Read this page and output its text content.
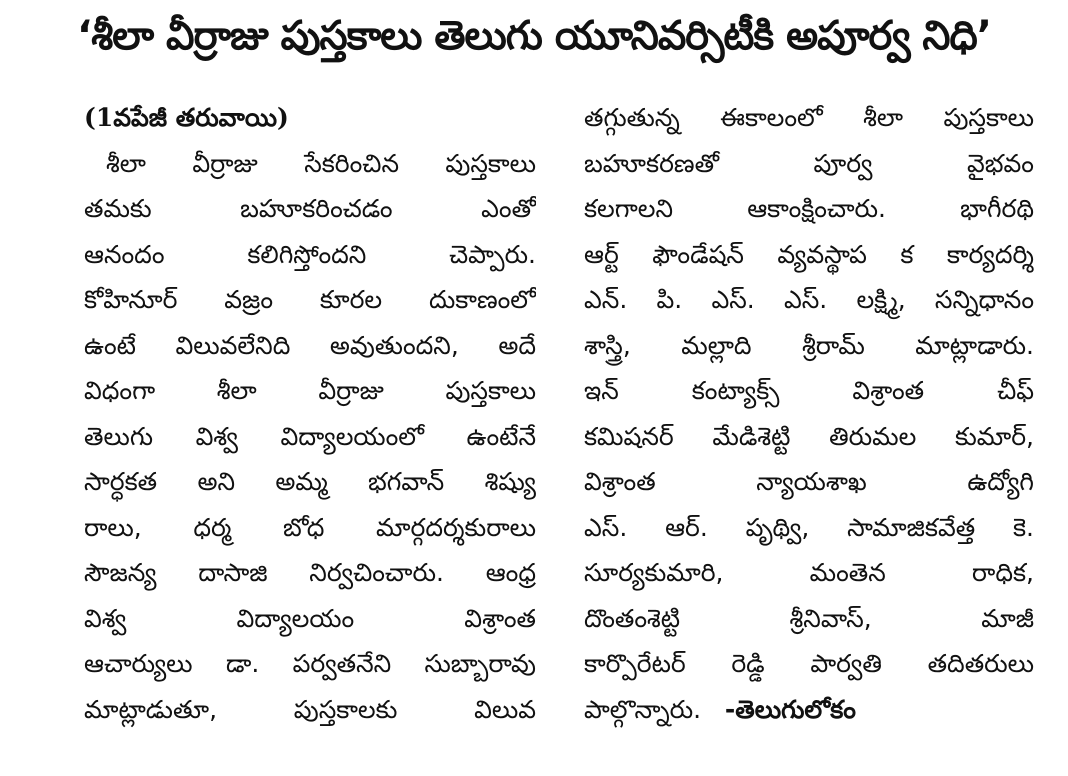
‘శీలా వీర్రాజు పుస్తకాలు తెలుగు యూనివర్సిటీకి అపూర్వ నిధి’
(1వపేజీ తరువాయి)
శీలా వీర్రాజు సేకరించిన పుస్తకాలు
తమకు బహూకరించడం ఎంతో
ఆనందం కలిగిస్తోందని చెప్పారు.
కోహినూర్ వజ్రం కూరల దుకాణంలో
ఉంటే విలువలేనిది అవుతుందని, అదే
విధంగా శీలా వీర్రాజు పుస్తకాలు
తెలుగు విశ్వ విద్యాలయంలో ఉంటేనే
సార్ధకత అని అమ్మ భగవాన్ శిష్యు
రాలు, ధర్మ బోధ మార్గదర్శకురాలు
సౌజన్య దాసాజి నిర్వచించారు. ఆంధ్ర
విశ్వ విద్యాలయం విశ్రాంత
ఆచార్యులు డా. పర్వతనేని సుబ్బారావు
మాట్లాడుతూ, పుస్తకాలకు విలువ
తగ్గుతున్న ఈకాలంలో శీలా పుస్తకాలు
బహూకరణతో పూర్వ వైభవం
కలగాలని ఆకాంక్షించారు. భాగీరథి
ఆర్ట్ ఫౌండేషన్ వ్యవస్థాప క కార్యదర్శి
ఎన్. పి. ఎస్. ఎస్. లక్ష్మి, సన్నిధానం
శాస్త్రి, మల్లాది శ్రీరామ్ మాట్లాడారు.
ఇన్ కంట్యాక్స్ విశ్రాంత చీఫ్
కమిషనర్ మేడిశెట్టి తిరుమల కుమార్,
విశ్రాంత న్యాయశాఖ ఉద్యోగి
ఎస్. ఆర్. పృథ్వి, సామాజికవేత్త కె.
సూర్యకుమారి, మంతెన రాధిక,
దొంతంశెట్టి శ్రీనివాస్, మాజీ
కార్పొరేటర్ రెడ్డి పార్వతి తదితరులు
పాల్గొన్నారు. -తెలుగులోకం
